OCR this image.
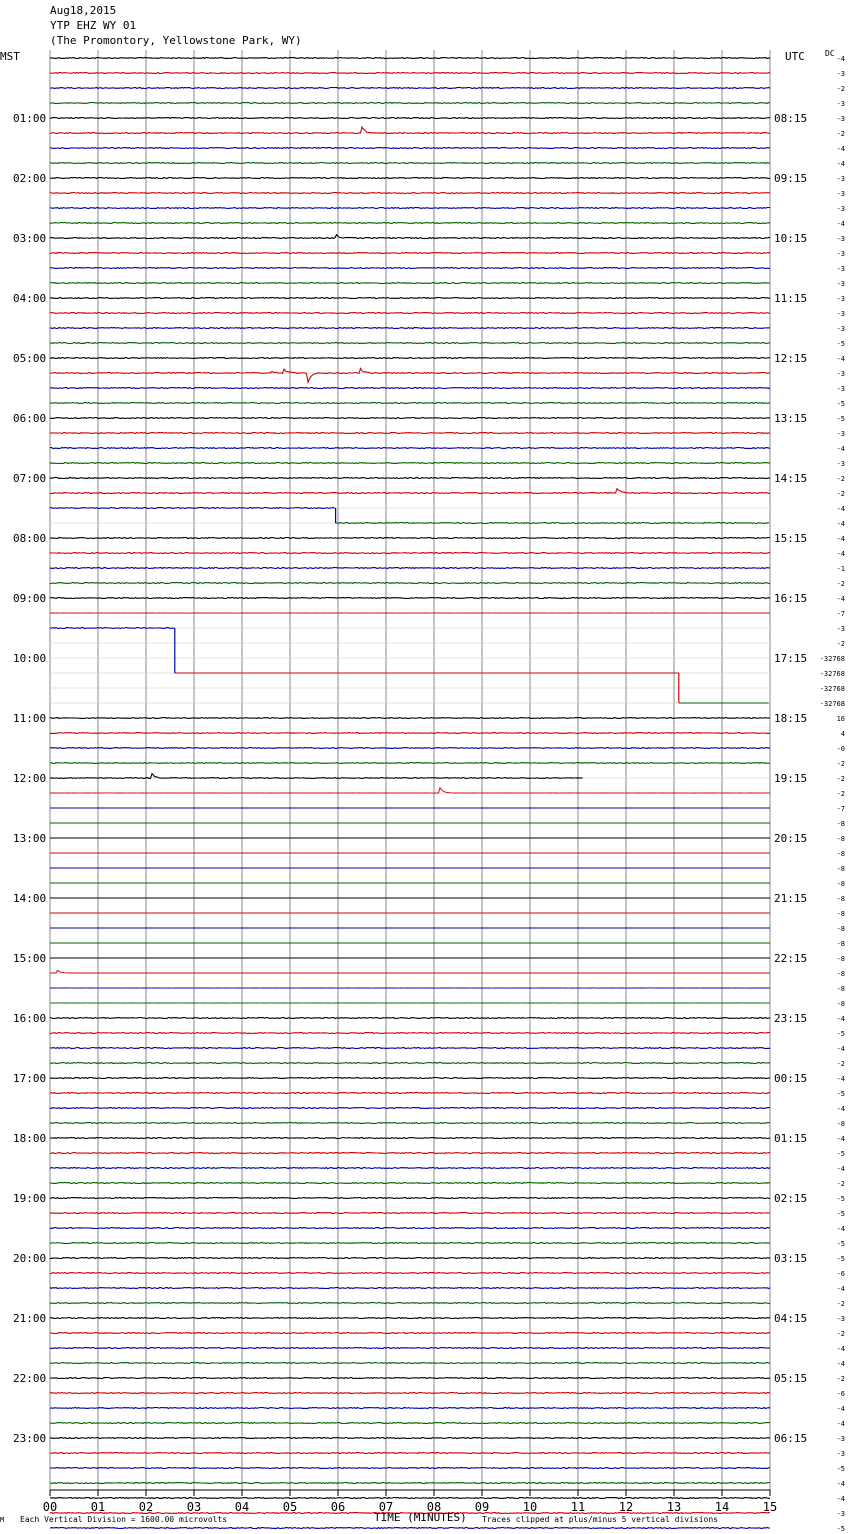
00	01	02	03	04	05	06	07	08	09	10	11	12	13	14	15
-4
-3
-2
-3
-3
-2
-4
-4
-3
-3
-3
-4
-3
-3
-3
-3
-3
-3
-3
-5
-4
-3
-3
-5
-5
-3
-4
-3
-2
-2
-4
-4
-4
-4
-1
-2
-4
-7
-3
-2
-32768
-32768
-32768
-32768
16
4
-0
-2
-2
-2
-7
-8
-8
-8
-8
-8
-8
-8
-8
-8
-8
-8
-8
-8
-4
-5
-4
-2
-4
-5
-4
-8
-4
-5
-4
-2
-5
-5
-4
-5
-5
-6
-4
-2
-3
-2
-4
-4
-2
-6
-4
-4
-3
-3
-5
-4
-4
-3
-5
01:00
02:00
03:00
04:00
05:00
06:00
07:00
08:00
09:00
10:00
11:00
12:00
13:00
14:00
15:00
16:00
17:00
18:00
19:00
20:00
21:00
22:00
23:00
08:15
09:15
10:15
11:15
12:15
13:15
14:15
15:15
16:15
17:15
18:15
19:15
20:15
21:15
22:15
23:15
00:15
01:15
02:15
03:15
04:15
05:15
06:15
Aug18,2015
YTP EHZ WY 01
(The Promontory, Yellowstone Park, WY)
MST	UTC	DC
M Each Vertical Division = 1600.00 microvolts	TIME (MINUTES) Traces clipped at plus/minus 5 vertical divisions
